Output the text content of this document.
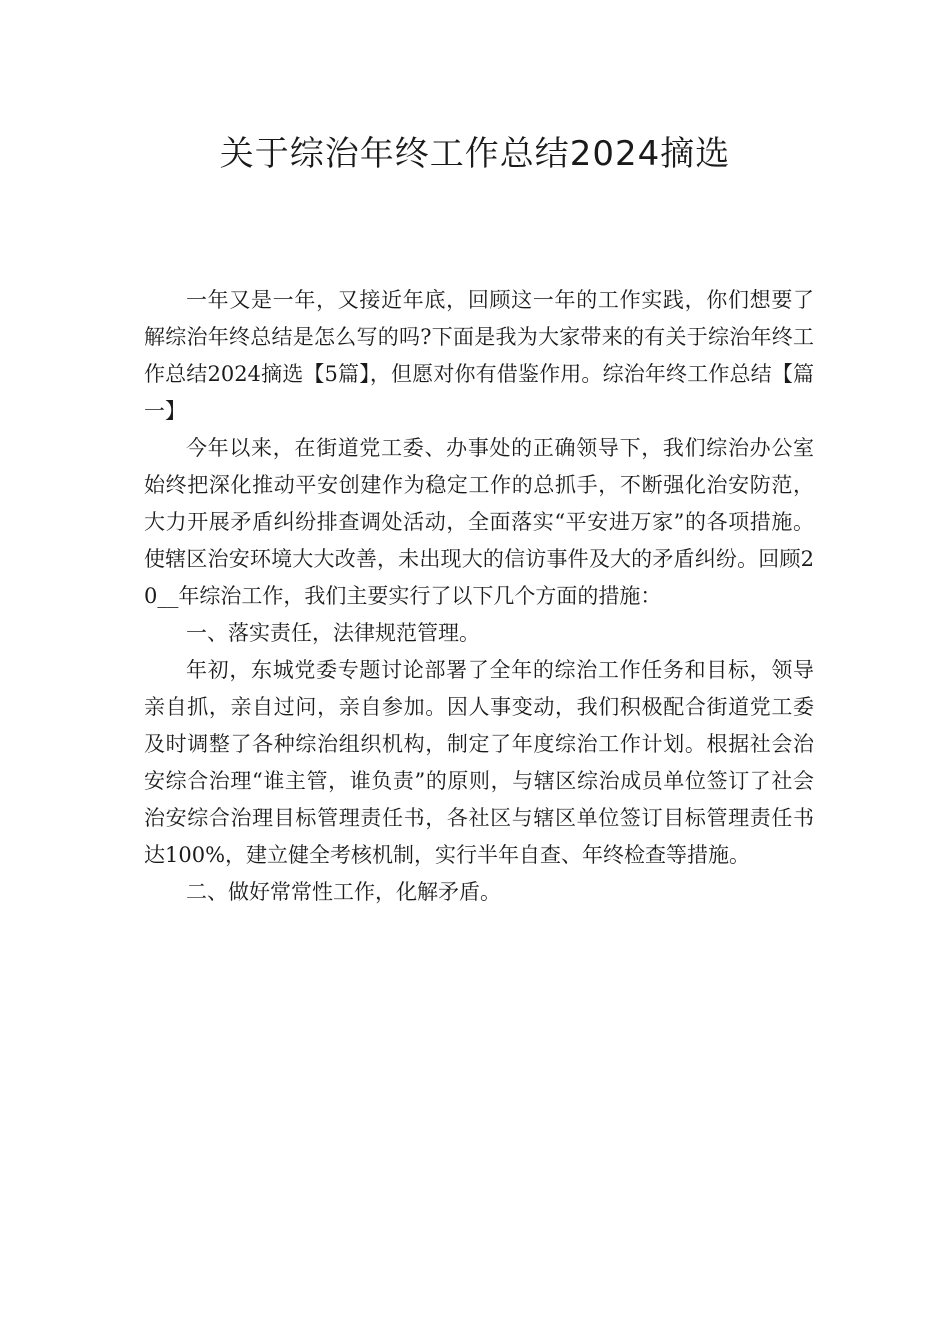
关于综治年终工作总结2024摘选

一年又是一年，又接近年底，回顾这一年的工作实践，你们想要了解综治年终总结是怎么写的吗?下面是我为大家带来的有关于综治年终工作总结2024摘选【5篇】，但愿对你有借鉴作用。综治年终工作总结【篇一】

今年以来，在街道党工委、办事处的正确领导下，我们综治办公室始终把深化推动平安创建作为稳定工作的总抓手，不断强化治安防范，大力开展矛盾纠纷排查调处活动，全面落实“平安进万家”的各项措施。使辖区治安环境大大改善，未出现大的信访事件及大的矛盾纠纷。回顾20__年综治工作，我们主要实行了以下几个方面的措施：

一、落实责任，法律规范管理。

年初，东城党委专题讨论部署了全年的综治工作任务和目标，领导亲自抓，亲自过问，亲自参加。因人事变动，我们积极配合街道党工委及时调整了各种综治组织机构，制定了年度综治工作计划。根据社会治安综合治理“谁主管，谁负责”的原则，与辖区综治成员单位签订了社会治安综合治理目标管理责任书，各社区与辖区单位签订目标管理责任书达100%，建立健全考核机制，实行半年自查、年终检查等措施。

二、做好常常性工作，化解矛盾。
